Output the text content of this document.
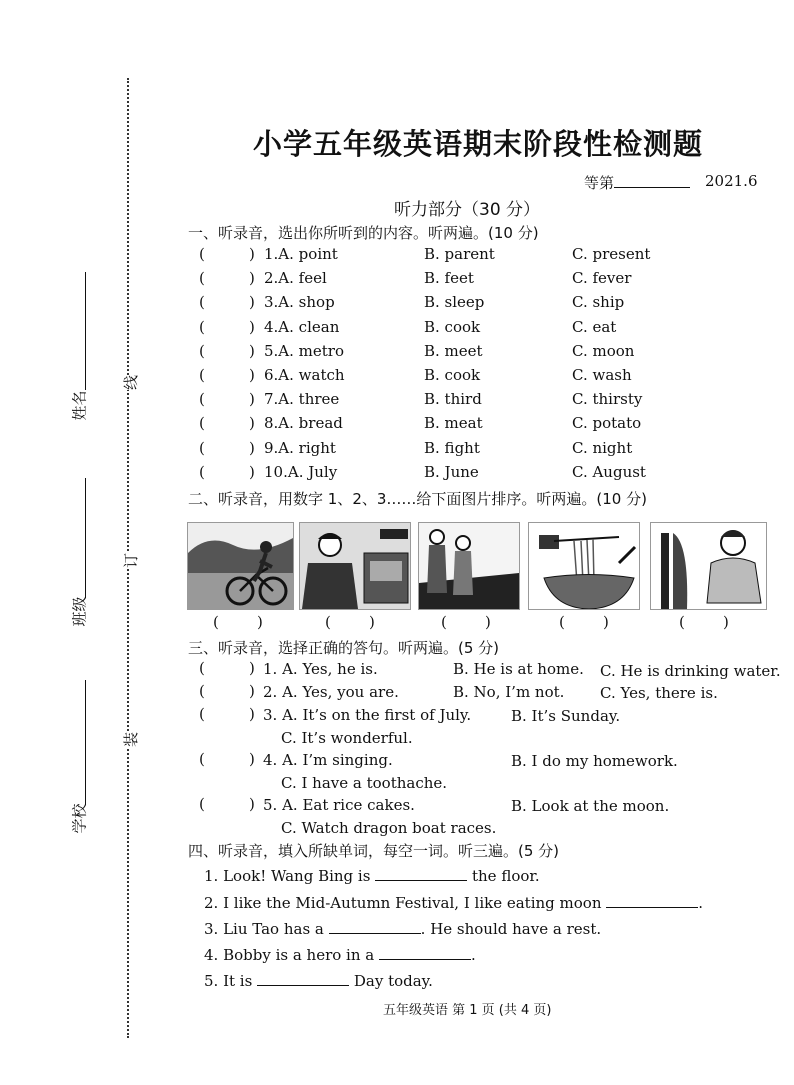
姓名
班级
学校
线
订
装
小学五年级英语期末阶段性检测题
等第	2021.6
听力部分（30 分）
一、听录音，选出你所听到的内容。听两遍。(10 分)
(	) 1.A. point	B. parent	C. present
(	) 2.A. feel	B. feet	C. fever
(	) 3.A. shop	B. sleep	C. ship
(	) 4.A. clean	B. cook	C. eat
(	) 5.A. metro	B. meet	C. moon
(	) 6.A. watch	B. cook	C. wash
(	) 7.A. three	B. third	C. thirsty
(	) 8.A. bread	B. meat	C. potato
(	) 9.A. right	B. fight	C. night
(	) 10.A. July	B. June	C. August
二、听录音，用数字 1、2、3……给下面图片排序。听两遍。(10 分)
(        )	(        )	(        )	(        )	(        )
三、听录音，选择正确的答句。听两遍。(5 分)
(	) 1. A. Yes, he is.	B. He is at home. C. He is drinking water.
(	) 2. A. Yes, you are.	B. No, I’m not. C. Yes, there is.
(	) 3. A. It’s on the first of July.	B. It’s Sunday.
C. It’s wonderful.
(	) 4. A. I’m singing.	B. I do my homework.
C. I have a toothache.
(	) 5. A. Eat rice cakes.	B. Look at the moon.
C. Watch dragon boat races.
四、听录音，填入所缺单词，每空一词。听三遍。(5 分)
1. Look! Wang Bing is	the floor.
2. I like the Mid-Autumn Festival, I like eating moon	.
3. Liu Tao has a	. He should have a rest.
4. Bobby is a hero in a	.
5. It is	Day today.
五年级英语 第 1 页 (共 4 页)
